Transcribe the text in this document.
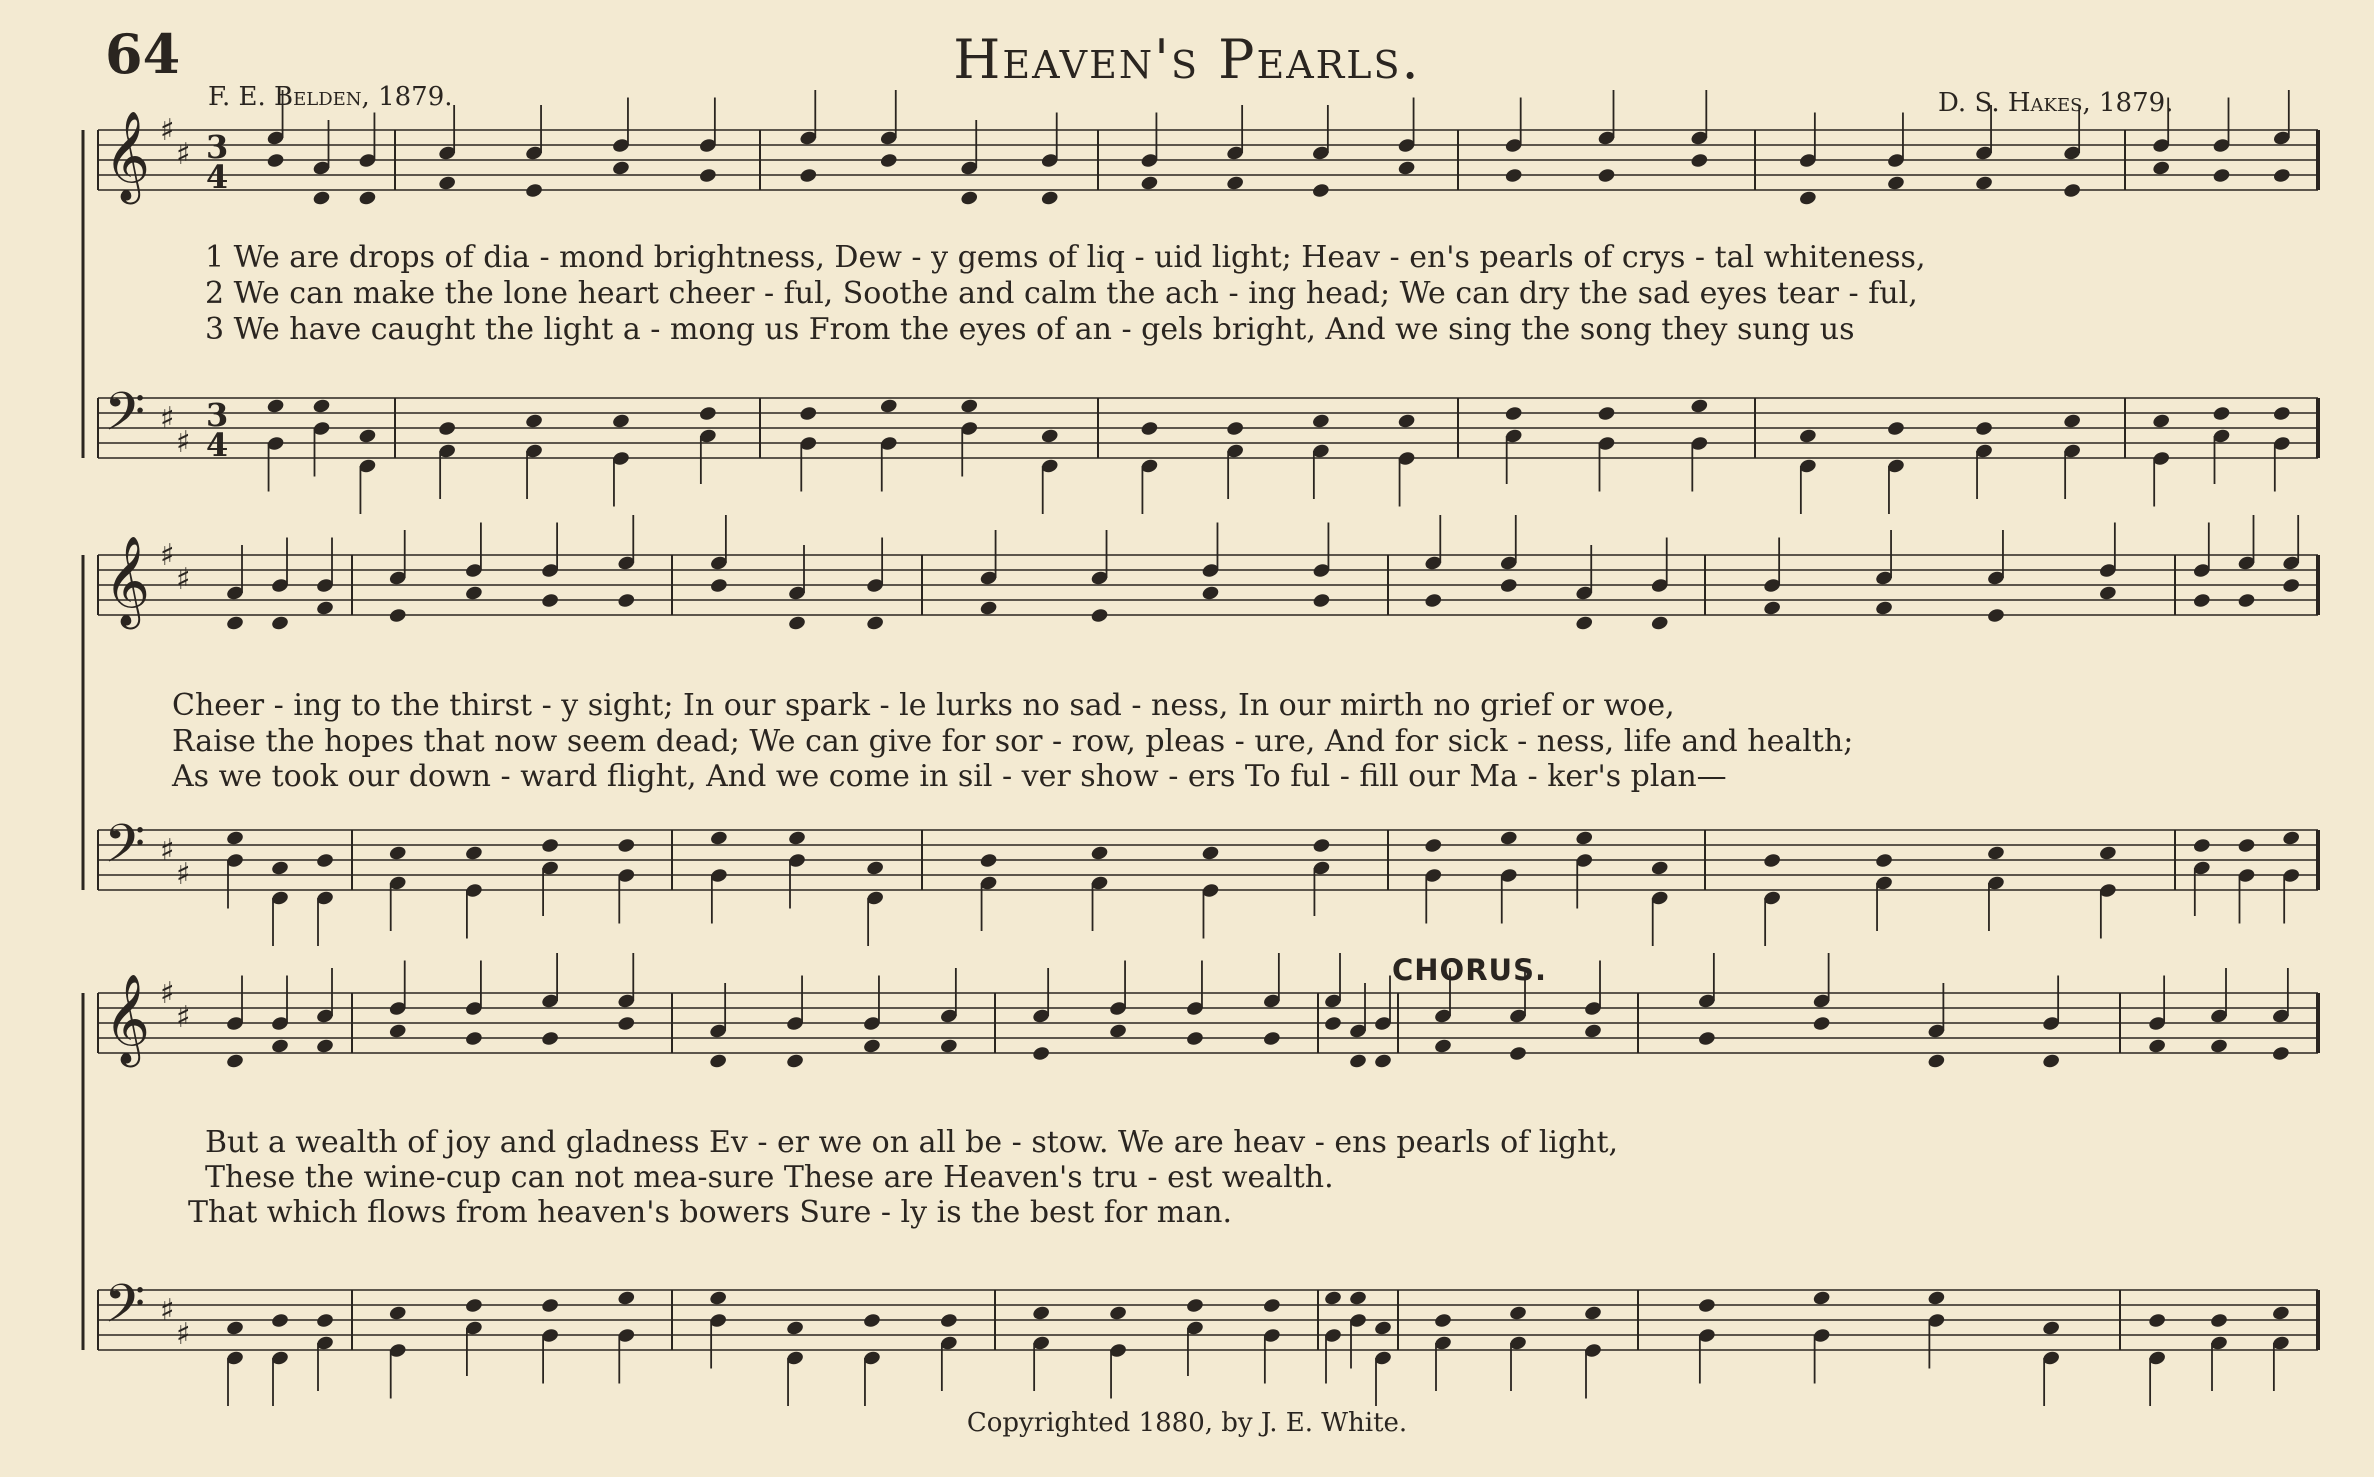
64	Heaven's Pearls.
F. E. Belden, 1879.	D. S. Hakes, 1879.
CHORUS.
Copyrighted 1880, by J. E. White.
𝄞 ♯
♯ 3
4
𝄢 ♯
♯
3
4
𝄞 ♯
♯
𝄢 ♯
♯
𝄞 ♯
♯
𝄢 ♯
♯
1 We are drops of dia - mond brightness, Dew - y gems of liq - uid light; Heav - en's pearls of crys - tal whiteness,
2 We can make the lone heart cheer - ful, Soothe and calm the ach - ing head; We can dry the sad eyes tear - ful,
3 We have caught the light a - mong us From the eyes of an - gels bright, And we sing the song they sung us
Cheer - ing to the thirst - y sight; In our spark - le lurks no sad - ness, In our mirth no grief or woe,
Raise the hopes that now seem dead; We can give for sor - row, pleas - ure, And for sick - ness, life and health;
As we took our down - ward flight, And we come in sil - ver show - ers To ful - fill our Ma - ker's plan—
But a wealth of joy and gladness Ev - er we on all be - stow. We are heav - ens pearls of light,
These the wine-cup can not mea-sure These are Heaven's tru - est wealth.
That which flows from heaven's bowers Sure - ly is the best for man.
